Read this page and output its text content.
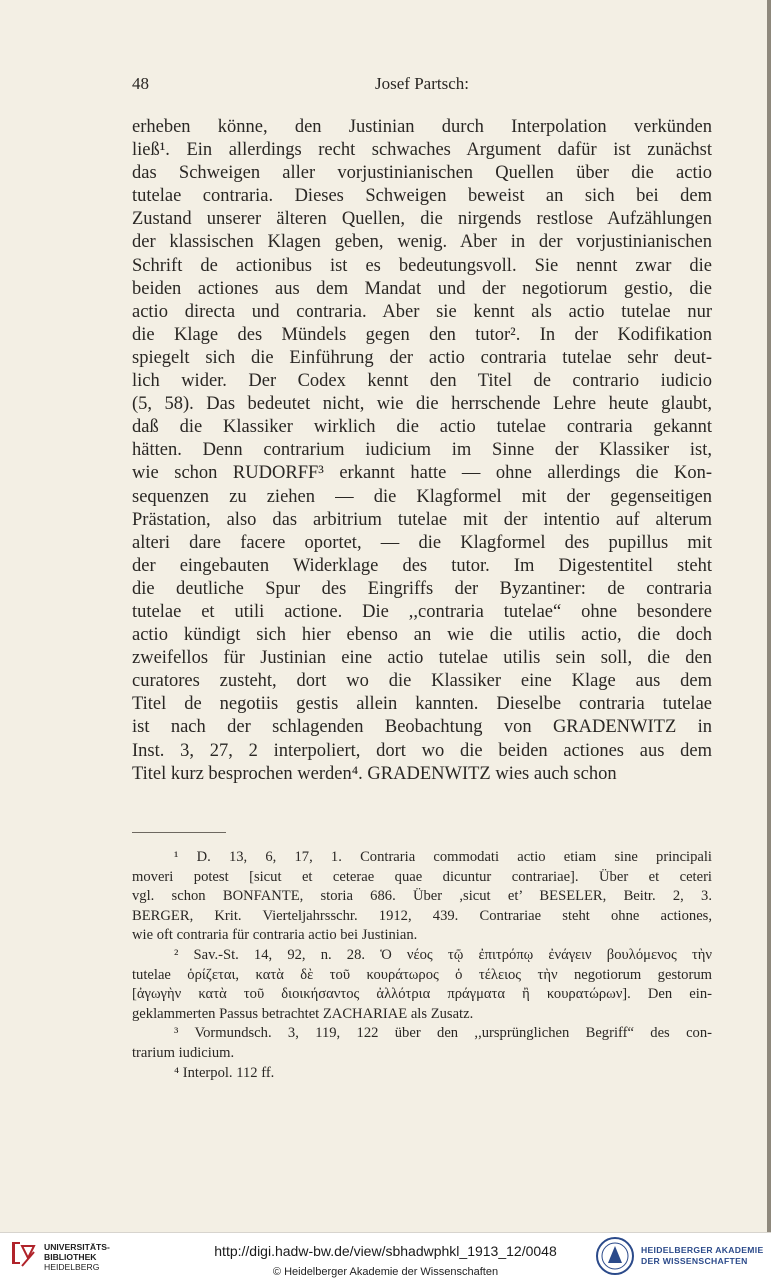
48	Josef Partsch:
erheben könne, den Justinian durch Interpolation verkünden
ließ¹. Ein allerdings recht schwaches Argument dafür ist zunächst
das Schweigen aller vorjustinianischen Quellen über die actio
tutelae contraria. Dieses Schweigen beweist an sich bei dem
Zustand unserer älteren Quellen, die nirgends restlose Aufzählungen
der klassischen Klagen geben, wenig. Aber in der vorjustinianischen
Schrift de actionibus ist es bedeutungsvoll. Sie nennt zwar die
beiden actiones aus dem Mandat und der negotiorum gestio, die
actio directa und contraria. Aber sie kennt als actio tutelae nur
die Klage des Mündels gegen den tutor². In der Kodifikation
spiegelt sich die Einführung der actio contraria tutelae sehr deut-
lich wider. Der Codex kennt den Titel de contrario iudicio
(5, 58). Das bedeutet nicht, wie die herrschende Lehre heute glaubt,
daß die Klassiker wirklich die actio tutelae contraria gekannt
hätten. Denn contrarium iudicium im Sinne der Klassiker ist,
wie schon RUDORFF³ erkannt hatte — ohne allerdings die Kon-
sequenzen zu ziehen — die Klagformel mit der gegenseitigen
Prästation, also das arbitrium tutelae mit der intentio auf alterum
alteri dare facere oportet, — die Klagformel des pupillus mit
der eingebauten Widerklage des tutor. Im Digestentitel steht
die deutliche Spur des Eingriffs der Byzantiner: de contraria
tutelae et utili actione. Die ,,contraria tutelae“ ohne besondere
actio kündigt sich hier ebenso an wie die utilis actio, die doch
zweifellos für Justinian eine actio tutelae utilis sein soll, die den
curatores zusteht, dort wo die Klassiker eine Klage aus dem
Titel de negotiis gestis allein kannten. Dieselbe contraria tutelae
ist nach der schlagenden Beobachtung von GRADENWITZ in
Inst. 3, 27, 2 interpoliert, dort wo die beiden actiones aus dem
Titel kurz besprochen werden⁴. GRADENWITZ wies auch schon
¹ D. 13, 6, 17, 1. Contraria commodati actio etiam sine principali
moveri potest [sicut et ceterae quae dicuntur contrariae]. Über et ceteri
vgl. schon BONFANTE, storia 686. Über ,sicut et’ BESELER, Beitr. 2, 3.
BERGER, Krit. Vierteljahrsschr. 1912, 439. Contrariae steht ohne actiones,
wie oft contraria für contraria actio bei Justinian.
² Sav.-St. 14, 92, n. 28. Ὁ νέος τῷ ἐπιτρόπῳ ἐνάγειν βουλόμενος τὴν
tutelae ὁρίζεται, κατὰ δὲ τοῦ κουράτωρος ὁ τέλειος τὴν negotiorum gestorum
[ἀγωγὴν κατὰ τοῦ διοικήσαντος ἀλλότρια πράγματα ἢ κουρατώρων]. Den ein-
geklammerten Passus betrachtet ZACHARIAE als Zusatz.
³ Vormundsch. 3, 119, 122 über den ,,ursprünglichen Begriff“ des con-
trarium iudicium.
⁴ Interpol. 112 ff.
UNIVERSITÄTS-
BIBLIOTHEK
HEIDELBERG
http://digi.hadw-bw.de/view/sbhadwphkl_1913_12/0048
© Heidelberger Akademie der Wissenschaften
HEIDELBERGER AKADEMIE
DER WISSENSCHAFTEN
